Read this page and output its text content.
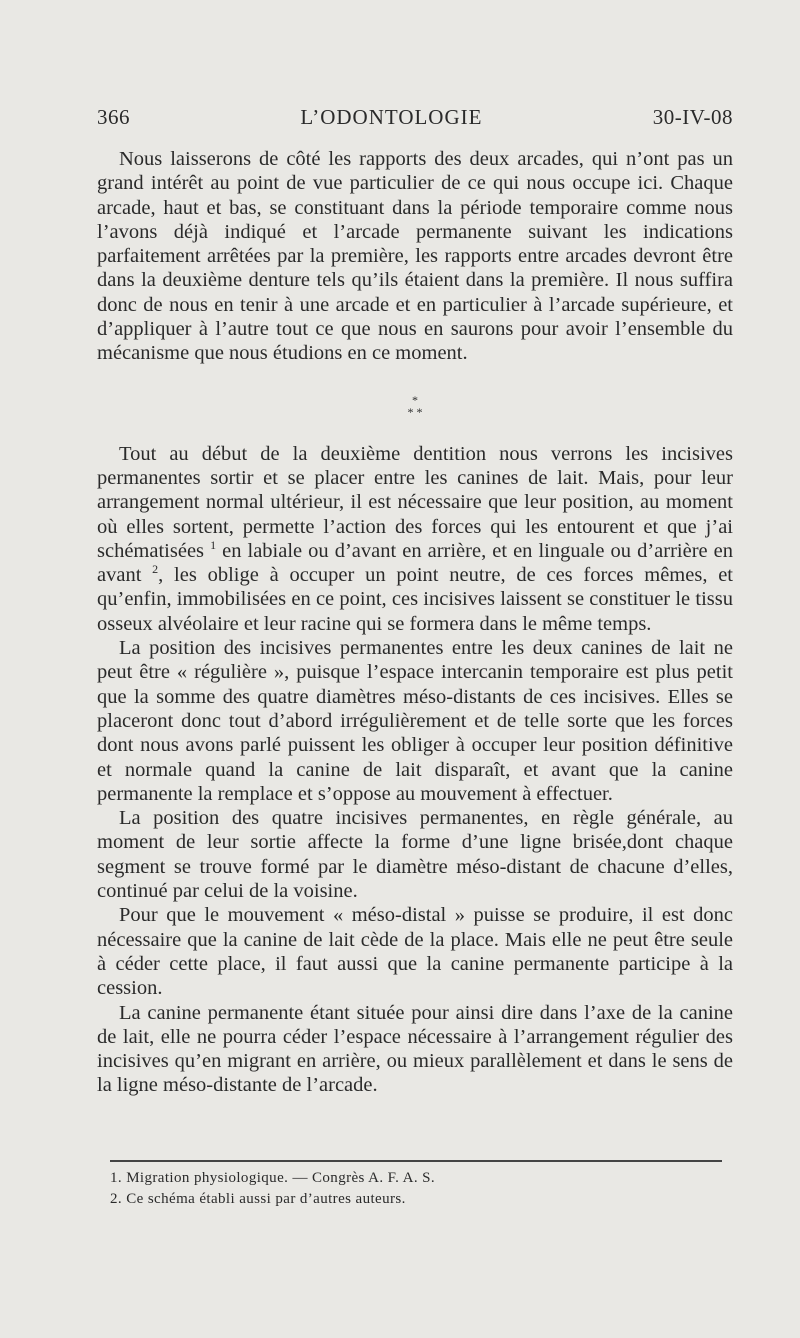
366	L’ODONTOLOGIE	30-IV-08

Nous laisserons de côté les rapports des deux arcades, qui n’ont pas un grand intérêt au point de vue particulier de ce qui nous occupe ici. Chaque arcade, haut et bas, se constituant dans la période temporaire comme nous l’avons déjà indiqué et l’arcade permanente suivant les indications parfaitement arrêtées par la première, les rapports entre arcades devront être dans la deuxième denture tels qu’ils étaient dans la première. Il nous suffira donc de nous en tenir à une arcade et en particulier à l’arcade supérieure, et d’appliquer à l’autre tout ce que nous en saurons pour avoir l’ensemble du mécanisme que nous étudions en ce moment.

*
* *

Tout au début de la deuxième dentition nous verrons les incisives permanentes sortir et se placer entre les canines de lait. Mais, pour leur arrangement normal ultérieur, il est nécessaire que leur position, au moment où elles sortent, permette l’action des forces qui les entourent et que j’ai schématisées $^1$ en labiale ou d’avant en arrière, et en linguale ou d’arrière en avant $^2$, les oblige à occuper un point neutre, de ces forces mêmes, et qu’enfin, immobilisées en ce point, ces incisives laissent se constituer le tissu osseux alvéolaire et leur racine qui se formera dans le même temps.

La position des incisives permanentes entre les deux canines de lait ne peut être « régulière », puisque l’espace intercanin temporaire est plus petit que la somme des quatre diamètres méso-distants de ces incisives. Elles se placeront donc tout d’abord irrégulièrement et de telle sorte que les forces dont nous avons parlé puissent les obliger à occuper leur position définitive et normale quand la canine de lait disparaît, et avant que la canine permanente la remplace et s’oppose au mouvement à effectuer.

La position des quatre incisives permanentes, en règle générale, au moment de leur sortie affecte la forme d’une ligne brisée,dont chaque segment se trouve formé par le diamètre méso-distant de chacune d’elles, continué par celui de la voisine.

Pour que le mouvement « méso-distal » puisse se produire, il est donc nécessaire que la canine de lait cède de la place. Mais elle ne peut être seule à céder cette place, il faut aussi que la canine permanente participe à la cession.

La canine permanente étant située pour ainsi dire dans l’axe de la canine de lait, elle ne pourra céder l’espace nécessaire à l’arrangement régulier des incisives qu’en migrant en arrière, ou mieux parallèlement et dans le sens de la ligne méso-distante de l’arcade.

1. Migration physiologique. — Congrès A. F. A. S.
2. Ce schéma établi aussi par d’autres auteurs.
